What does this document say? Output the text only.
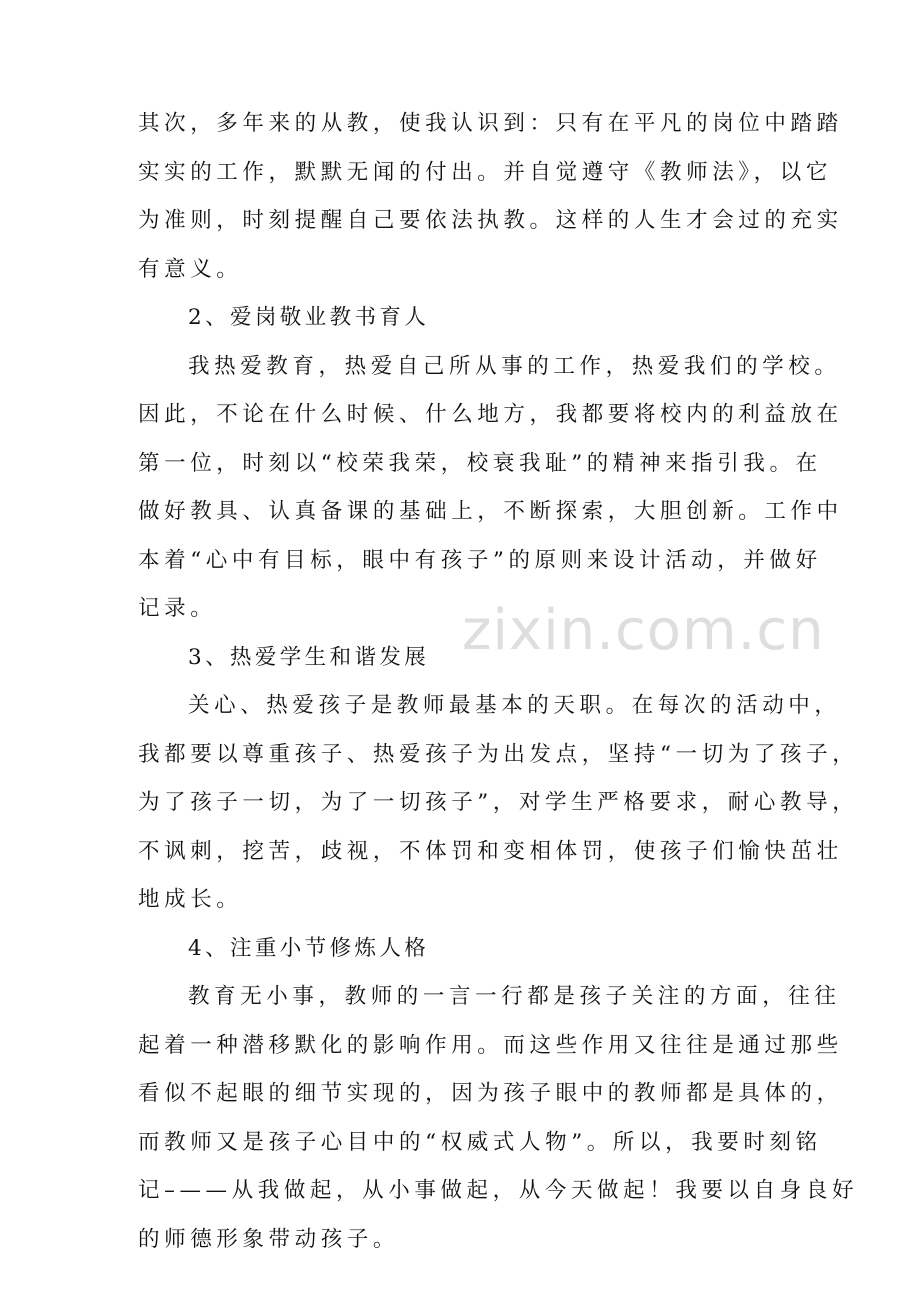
其次，多年来的从教，使我认识到：只有在平凡的岗位中踏踏
实实的工作，默默无闻的付出。并自觉遵守《教师法》，以它
为准则，时刻提醒自己要依法执教。这样的人生才会过的充实
有意义。
2、爱岗敬业教书育人
我热爱教育，热爱自己所从事的工作，热爱我们的学校。
因此，不论在什么时候、什么地方，我都要将校内的利益放在
第一位，时刻以“校荣我荣，校衰我耻”的精神来指引我。在
做好教具、认真备课的基础上，不断探索，大胆创新。工作中
本着“心中有目标，眼中有孩子”的原则来设计活动，并做好
记录。
3、热爱学生和谐发展
关心、热爱孩子是教师最基本的天职。在每次的活动中，
我都要以尊重孩子、热爱孩子为出发点，坚持“一切为了孩子，
为了孩子一切，为了一切孩子”，对学生严格要求，耐心教导，
不讽刺，挖苦，歧视，不体罚和变相体罚，使孩子们愉快茁壮
地成长。
4、注重小节修炼人格
教育无小事，教师的一言一行都是孩子关注的方面，往往
起着一种潜移默化的影响作用。而这些作用又往往是通过那些
看似不起眼的细节实现的，因为孩子眼中的教师都是具体的，
而教师又是孩子心目中的“权威式人物”。所以，我要时刻铭
记–——从我做起，从小事做起，从今天做起！我要以自身良好
的师德形象带动孩子。
zixin.com.cn
